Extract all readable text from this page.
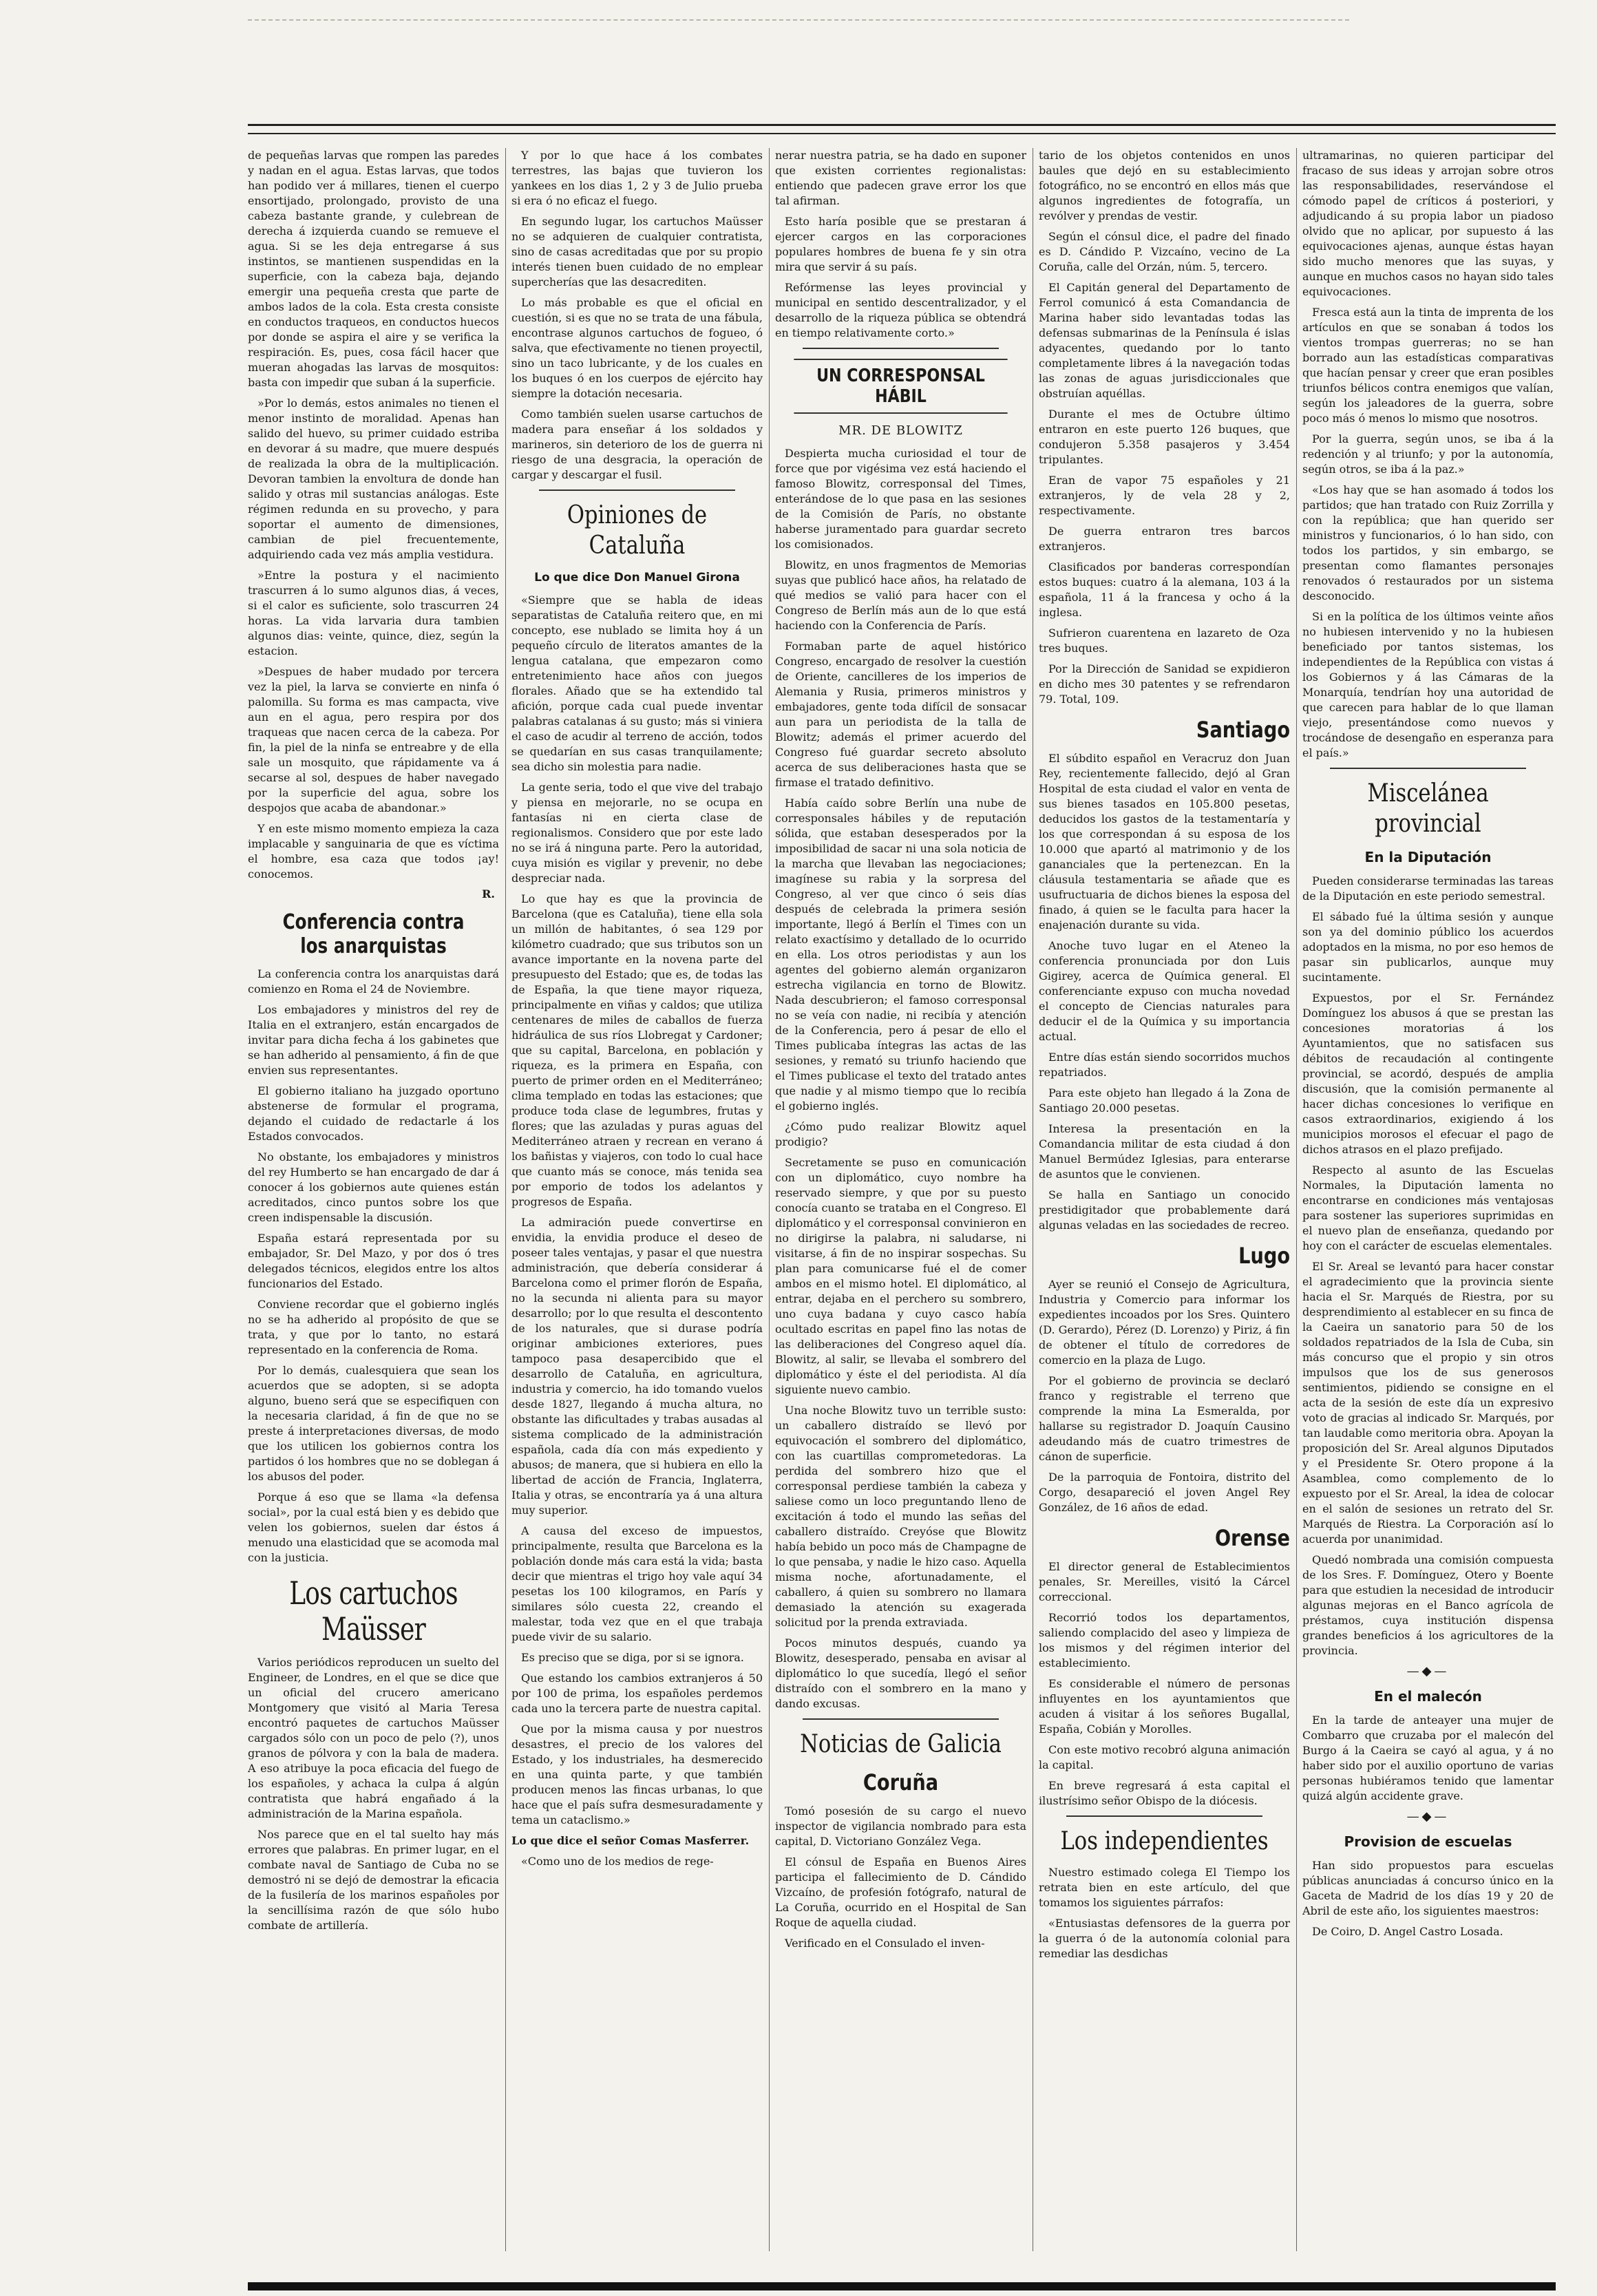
de pequeñas larvas que rompen las paredes y nadan en el agua. Estas larvas, que todos han podido ver á millares, tienen el cuerpo ensortijado, prolongado, provisto de una cabeza bastante grande, y culebrean de derecha á izquierda cuando se remueve el agua. Si se les deja entregarse á sus instintos, se mantienen suspendidas en la superficie, con la cabeza baja, dejando emergir una pequeña cresta que parte de ambos lados de la cola. Esta cresta consiste en conductos traqueos, en conductos huecos por donde se aspira el aire y se verifica la respiración. Es, pues, cosa fácil hacer que mueran ahogadas las larvas de mosquitos: basta con impedir que suban á la superficie.

»Por lo demás, estos animales no tienen el menor instinto de moralidad. Apenas han salido del huevo, su primer cuidado estriba en devorar á su madre, que muere después de realizada la obra de la multiplicación. Devoran tambien la envoltura de donde han salido y otras mil sustancias análogas. Este régimen redunda en su provecho, y para soportar el aumento de dimensiones, cambian de piel frecuentemente, adquiriendo cada vez más amplia vestidura.

»Entre la postura y el nacimiento trascurren á lo sumo algunos dias, á veces, si el calor es suficiente, solo trascurren 24 horas. La vida larvaria dura tambien algunos dias: veinte, quince, diez, según la estacion.

»Despues de haber mudado por tercera vez la piel, la larva se convierte en ninfa ó palomilla. Su forma es mas campacta, vive aun en el agua, pero respira por dos traqueas que nacen cerca de la cabeza. Por fin, la piel de la ninfa se entreabre y de ella sale un mosquito, que rápidamente va á secarse al sol, despues de haber navegado por la superficie del agua, sobre los despojos que acaba de abandonar.»

Y en este mismo momento empieza la caza implacable y sanguinaria de que es víctima el hombre, esa caza que todos ¡ay! conocemos.

R.
Conferencia contra los anarquistas

La conferencia contra los anarquistas dará comienzo en Roma el 24 de Noviembre.

Los embajadores y ministros del rey de Italia en el extranjero, están encargados de invitar para dicha fecha á los gabinetes que se han adherido al pensamiento, á fin de que envien sus representantes.

El gobierno italiano ha juzgado oportuno abstenerse de formular el programa, dejando el cuidado de redactarle á los Estados convocados.

No obstante, los embajadores y ministros del rey Humberto se han encargado de dar á conocer á los gobiernos aute quienes están acreditados, cinco puntos sobre los que creen indispensable la discusión.

España estará representada por su embajador, Sr. Del Mazo, y por dos ó tres delegados técnicos, elegidos entre los altos funcionarios del Estado.

Conviene recordar que el gobierno inglés no se ha adherido al propósito de que se trata, y que por lo tanto, no estará representado en la conferencia de Roma.

Por lo demás, cualesquiera que sean los acuerdos que se adopten, si se adopta alguno, bueno será que se especifiquen con la necesaria claridad, á fin de que no se preste á interpretaciones diversas, de modo que los utilicen los gobiernos contra los partidos ó los hombres que no se doblegan á los abusos del poder.

Porque á eso que se llama «la defensa social», por la cual está bien y es debido que velen los gobiernos, suelen dar éstos á menudo una elasticidad que se acomoda mal con la justicia.

Los cartuchos Maüsser

Varios periódicos reproducen un suelto del Engineer, de Londres, en el que se dice que un oficial del crucero americano Montgomery que visitó al Maria Teresa encontró paquetes de cartuchos Maüsser cargados sólo con un poco de pelo (?), unos granos de pólvora y con la bala de madera. A eso atribuye la poca eficacia del fuego de los españoles, y achaca la culpa á algún contratista que habrá engañado á la administración de la Marina española.

Nos parece que en el tal suelto hay más errores que palabras. En primer lugar, en el combate naval de Santiago de Cuba no se demostró ni se dejó de demostrar la eficacia de la fusilería de los marinos españoles por la sencillísima razón de que sólo hubo combate de artillería.

Y por lo que hace á los combates terrestres, las bajas que tuvieron los yankees en los dias 1, 2 y 3 de Julio prueba si era ó no eficaz el fuego.

En segundo lugar, los cartuchos Maüsser no se adquieren de cualquier contratista, sino de casas acreditadas que por su propio interés tienen buen cuidado de no emplear supercherías que las desacrediten.

Lo más probable es que el oficial en cuestión, si es que no se trata de una fábula, encontrase algunos cartuchos de fogueo, ó salva, que efectivamente no tienen proyectil, sino un taco lubricante, y de los cuales en los buques ó en los cuerpos de ejército hay siempre la dotación necesaria.

Como también suelen usarse cartuchos de madera para enseñar á los soldados y marineros, sin deterioro de los de guerra ni riesgo de una desgracia, la operación de cargar y descargar el fusil.

Opiniones de Cataluña
Lo que dice Don Manuel Girona

«Siempre que se habla de ideas separatistas de Cataluña reitero que, en mi concepto, ese nublado se limita hoy á un pequeño círculo de literatos amantes de la lengua catalana, que empezaron como entretenimiento hace años con juegos florales. Añado que se ha extendido tal afición, porque cada cual puede inventar palabras catalanas á su gusto; más si viniera el caso de acudir al terreno de acción, todos se quedarían en sus casas tranquilamente; sea dicho sin molestia para nadie.

La gente seria, todo el que vive del trabajo y piensa en mejorarle, no se ocupa en fantasías ni en cierta clase de regionalismos. Considero que por este lado no se irá á ninguna parte. Pero la autoridad, cuya misión es vigilar y prevenir, no debe despreciar nada.

Lo que hay es que la provincia de Barcelona (que es Cataluña), tiene ella sola un millón de habitantes, ó sea 129 por kilómetro cuadrado; que sus tributos son un avance importante en la novena parte del presupuesto del Estado; que es, de todas las de España, la que tiene mayor riqueza, principalmente en viñas y caldos; que utiliza centenares de miles de caballos de fuerza hidráulica de sus ríos Llobregat y Cardoner; que su capital, Barcelona, en población y riqueza, es la primera en España, con puerto de primer orden en el Mediterráneo; clima templado en todas las estaciones; que produce toda clase de legumbres, frutas y flores; que las azuladas y puras aguas del Mediterráneo atraen y recrean en verano á los bañistas y viajeros, con todo lo cual hace que cuanto más se conoce, más tenida sea por emporio de todos los adelantos y progresos de España.

La admiración puede convertirse en envidia, la envidia produce el deseo de poseer tales ventajas, y pasar el que nuestra administración, que debería considerar á Barcelona como el primer florón de España, no la secunda ni alienta para su mayor desarrollo; por lo que resulta el descontento de los naturales, que si durase podría originar ambiciones exteriores, pues tampoco pasa desapercibido que el desarrollo de Cataluña, en agricultura, industria y comercio, ha ido tomando vuelos desde 1827, llegando á mucha altura, no obstante las dificultades y trabas ausadas al sistema complicado de la administración española, cada día con más expediento y abusos; de manera, que si hubiera en ello la libertad de acción de Francia, Inglaterra, Italia y otras, se encontraría ya á una altura muy superior.

A causa del exceso de impuestos, principalmente, resulta que Barcelona es la población donde más cara está la vida; basta decir que mientras el trigo hoy vale aquí 34 pesetas los 100 kilogramos, en París y similares sólo cuesta 22, creando el malestar, toda vez que en el que trabaja puede vivir de su salario.

Es preciso que se diga, por si se ignora.

Que estando los cambios extranjeros á 50 por 100 de prima, los españoles perdemos cada uno la tercera parte de nuestra capital.

Que por la misma causa y por nuestros desastres, el precio de los valores del Estado, y los industriales, ha desmerecido en una quinta parte, y que también producen menos las fincas urbanas, lo que hace que el país sufra desmesuradamente y tema un cataclismo.»

Lo que dice el señor Comas Masferrer.

«Como uno de los medios de rege-

nerar nuestra patria, se ha dado en suponer que existen corrientes regionalistas: entiendo que padecen grave error los que tal afirman.

Esto haría posible que se prestaran á ejercer cargos en las corporaciones populares hombres de buena fe y sin otra mira que servir á su país.

Refórmense las leyes provincial y municipal en sentido descentralizador, y el desarrollo de la riqueza pública se obtendrá en tiempo relativamente corto.»

UN CORRESPONSAL HÁBIL
MR. DE BLOWITZ

Despierta mucha curiosidad el tour de force que por vigésima vez está haciendo el famoso Blowitz, corresponsal del Times, enterándose de lo que pasa en las sesiones de la Comisión de París, no obstante haberse juramentado para guardar secreto los comisionados.

Blowitz, en unos fragmentos de Memorias suyas que publicó hace años, ha relatado de qué medios se valió para hacer con el Congreso de Berlín más aun de lo que está haciendo con la Conferencia de París.

Formaban parte de aquel histórico Congreso, encargado de resolver la cuestión de Oriente, cancilleres de los imperios de Alemania y Rusia, primeros ministros y embajadores, gente toda difícil de sonsacar aun para un periodista de la talla de Blowitz; además el primer acuerdo del Congreso fué guardar secreto absoluto acerca de sus deliberaciones hasta que se firmase el tratado definitivo.

Había caído sobre Berlín una nube de corresponsales hábiles y de reputación sólida, que estaban desesperados por la imposibilidad de sacar ni una sola noticia de la marcha que llevaban las negociaciones; imagínese su rabia y la sorpresa del Congreso, al ver que cinco ó seis días después de celebrada la primera sesión importante, llegó á Berlín el Times con un relato exactísimo y detallado de lo ocurrido en ella. Los otros periodistas y aun los agentes del gobierno alemán organizaron estrecha vigilancia en torno de Blowitz. Nada descubrieron; el famoso corresponsal no se veía con nadie, ni recibía y atención de la Conferencia, pero á pesar de ello el Times publicaba íntegras las actas de las sesiones, y remató su triunfo haciendo que el Times publicase el texto del tratado antes que nadie y al mismo tiempo que lo recibía el gobierno inglés.

¿Cómo pudo realizar Blowitz aquel prodigio?

Secretamente se puso en comunicación con un diplomático, cuyo nombre ha reservado siempre, y que por su puesto conocía cuanto se trataba en el Congreso. El diplomático y el corresponsal convinieron en no dirigirse la palabra, ni saludarse, ni visitarse, á fin de no inspirar sospechas. Su plan para comunicarse fué el de comer ambos en el mismo hotel. El diplomático, al entrar, dejaba en el perchero su sombrero, uno cuya badana y cuyo casco había ocultado escritas en papel fino las notas de las deliberaciones del Congreso aquel día. Blowitz, al salir, se llevaba el sombrero del diplomático y éste el del periodista. Al día siguiente nuevo cambio.

Una noche Blowitz tuvo un terrible susto: un caballero distraído se llevó por equivocación el sombrero del diplomático, con las cuartillas comprometedoras. La perdida del sombrero hizo que el corresponsal perdiese también la cabeza y saliese como un loco preguntando lleno de excitación á todo el mundo las señas del caballero distraído. Creyóse que Blowitz había bebido un poco más de Champagne de lo que pensaba, y nadie le hizo caso. Aquella misma noche, afortunadamente, el caballero, á quien su sombrero no llamara demasiado la atención su exagerada solicitud por la prenda extraviada.

Pocos minutos después, cuando ya Blowitz, desesperado, pensaba en avisar al diplomático lo que sucedía, llegó el señor distraído con el sombrero en la mano y dando excusas.

Noticias de Galicia
Coruña

Tomó posesión de su cargo el nuevo inspector de vigilancia nombrado para esta capital, D. Victoriano González Vega.

El cónsul de España en Buenos Aires participa el fallecimiento de D. Cándido Vizcaíno, de profesión fotógrafo, natural de La Coruña, ocurrido en el Hospital de San Roque de aquella ciudad.

Verificado en el Consulado el inven-

tario de los objetos contenidos en unos baules que dejó en su establecimiento fotográfico, no se encontró en ellos más que algunos ingredientes de fotografía, un revólver y prendas de vestir.

Según el cónsul dice, el padre del finado es D. Cándido P. Vizcaíno, vecino de La Coruña, calle del Orzán, núm. 5, tercero.

El Capitán general del Departamento de Ferrol comunicó á esta Comandancia de Marina haber sido levantadas todas las defensas submarinas de la Península é islas adyacentes, quedando por lo tanto completamente libres á la navegación todas las zonas de aguas jurisdiccionales que obstruían aquéllas.

Durante el mes de Octubre último entraron en este puerto 126 buques, que condujeron 5.358 pasajeros y 3.454 tripulantes.

Eran de vapor 75 españoles y 21 extranjeros, ly de vela 28 y 2, respectivamente.

De guerra entraron tres barcos extranjeros.

Clasificados por banderas correspondían estos buques: cuatro á la alemana, 103 á la española, 11 á la francesa y ocho á la inglesa.

Sufrieron cuarentena en lazareto de Oza tres buques.

Por la Dirección de Sanidad se expidieron en dicho mes 30 patentes y se refrendaron 79. Total, 109.

Santiago

El súbdito español en Veracruz don Juan Rey, recientemente fallecido, dejó al Gran Hospital de esta ciudad el valor en venta de sus bienes tasados en 105.800 pesetas, deducidos los gastos de la testamentaría y los que correspondan á su esposa de los 10.000 que apartó al matrimonio y de los gananciales que la pertenezcan. En la cláusula testamentaria se añade que es usufructuaria de dichos bienes la esposa del finado, á quien se le faculta para hacer la enajenación durante su vida.

Anoche tuvo lugar en el Ateneo la conferencia pronunciada por don Luis Gigirey, acerca de Química general. El conferenciante expuso con mucha novedad el concepto de Ciencias naturales para deducir el de la Química y su importancia actual.

Entre días están siendo socorridos muchos repatriados.

Para este objeto han llegado á la Zona de Santiago 20.000 pesetas.

Interesa la presentación en la Comandancia militar de esta ciudad á don Manuel Bermúdez Iglesias, para enterarse de asuntos que le convienen.

Se halla en Santiago un conocido prestidigitador que probablemente dará algunas veladas en las sociedades de recreo.

Lugo

Ayer se reunió el Consejo de Agricultura, Industria y Comercio para informar los expedientes incoados por los Sres. Quintero (D. Gerardo), Pérez (D. Lorenzo) y Piriz, á fin de obtener el título de corredores de comercio en la plaza de Lugo.

Por el gobierno de provincia se declaró franco y registrable el terreno que comprende la mina La Esmeralda, por hallarse su registrador D. Joaquín Causino adeudando más de cuatro trimestres de cánon de superficie.

De la parroquia de Fontoira, distrito del Corgo, desapareció el joven Angel Rey González, de 16 años de edad.

Orense

El director general de Establecimientos penales, Sr. Mereilles, visitó la Cárcel correccional.

Recorrió todos los departamentos, saliendo complacido del aseo y limpieza de los mismos y del régimen interior del establecimiento.

Es considerable el número de personas influyentes en los ayuntamientos que acuden á visitar á los señores Bugallal, España, Cobián y Morolles.

Con este motivo recobró alguna animación la capital.

En breve regresará á esta capital el ilustrísimo señor Obispo de la diócesis.

Los independientes

Nuestro estimado colega El Tiempo los retrata bien en este artículo, del que tomamos los siguientes párrafos:

«Entusiastas defensores de la guerra por la guerra ó de la autonomía colonial para remediar las desdichas

ultramarinas, no quieren participar del fracaso de sus ideas y arrojan sobre otros las responsabilidades, reservándose el cómodo papel de críticos á posteriori, y adjudicando á su propia labor un piadoso olvido que no aplicar, por supuesto á las equivocaciones ajenas, aunque éstas hayan sido mucho menores que las suyas, y aunque en muchos casos no hayan sido tales equivocaciones.

Fresca está aun la tinta de imprenta de los artículos en que se sonaban á todos los vientos trompas guerreras; no se han borrado aun las estadísticas comparativas que hacían pensar y creer que eran posibles triunfos bélicos contra enemigos que valían, según los jaleadores de la guerra, sobre poco más ó menos lo mismo que nosotros.

Por la guerra, según unos, se iba á la redención y al triunfo; y por la autonomía, según otros, se iba á la paz.»

«Los hay que se han asomado á todos los partidos; que han tratado con Ruiz Zorrilla y con la república; que han querido ser ministros y funcionarios, ó lo han sido, con todos los partidos, y sin embargo, se presentan como flamantes personajes renovados ó restaurados por un sistema desconocido.

Si en la política de los últimos veinte años no hubiesen intervenido y no la hubiesen beneficiado por tantos sistemas, los independientes de la República con vistas á los Gobiernos y á las Cámaras de la Monarquía, tendrían hoy una autoridad de que carecen para hablar de lo que llaman viejo, presentándose como nuevos y trocándose de desengaño en esperanza para el país.»

Miscelánea provincial
En la Diputación

Pueden considerarse terminadas las tareas de la Diputación en este periodo semestral.

El sábado fué la última sesión y aunque son ya del dominio público los acuerdos adoptados en la misma, no por eso hemos de pasar sin publicarlos, aunque muy sucintamente.

Expuestos, por el Sr. Fernández Domínguez los abusos á que se prestan las concesiones moratorias á los Ayuntamientos, que no satisfacen sus débitos de recaudación al contingente provincial, se acordó, después de amplia discusión, que la comisión permanente al hacer dichas concesiones lo verifique en casos extraordinarios, exigiendo á los municipios morosos el efecuar el pago de dichos atrasos en el plazo prefijado.

Respecto al asunto de las Escuelas Normales, la Diputación lamenta no encontrarse en condiciones más ventajosas para sostener las superiores suprimidas en el nuevo plan de enseñanza, quedando por hoy con el carácter de escuelas elementales.

El Sr. Areal se levantó para hacer constar el agradecimiento que la provincia siente hacia el Sr. Marqués de Riestra, por su desprendimiento al establecer en su finca de la Caeira un sanatorio para 50 de los soldados repatriados de la Isla de Cuba, sin más concurso que el propio y sin otros impulsos que los de sus generosos sentimientos, pidiendo se consigne en el acta de la sesión de este día un expresivo voto de gracias al indicado Sr. Marqués, por tan laudable como meritoria obra. Apoyan la proposición del Sr. Areal algunos Diputados y el Presidente Sr. Otero propone á la Asamblea, como complemento de lo expuesto por el Sr. Areal, la idea de colocar en el salón de sesiones un retrato del Sr. Marqués de Riestra. La Corporación así lo acuerda por unanimidad.

Quedó nombrada una comisión compuesta de los Sres. F. Domínguez, Otero y Boente para que estudien la necesidad de introducir algunas mejoras en el Banco agrícola de préstamos, cuya institución dispensa grandes beneficios á los agricultores de la provincia.

—◆—
En el malecón

En la tarde de anteayer una mujer de Combarro que cruzaba por el malecón del Burgo á la Caeira se cayó al agua, y á no haber sido por el auxilio oportuno de varias personas hubiéramos tenido que lamentar quizá algún accidente grave.

—◆—
Provision de escuelas

Han sido propuestos para escuelas públicas anunciadas á concurso único en la Gaceta de Madrid de los días 19 y 20 de Abril de este año, los siguientes maestros:

De Coiro, D. Angel Castro Losada.
